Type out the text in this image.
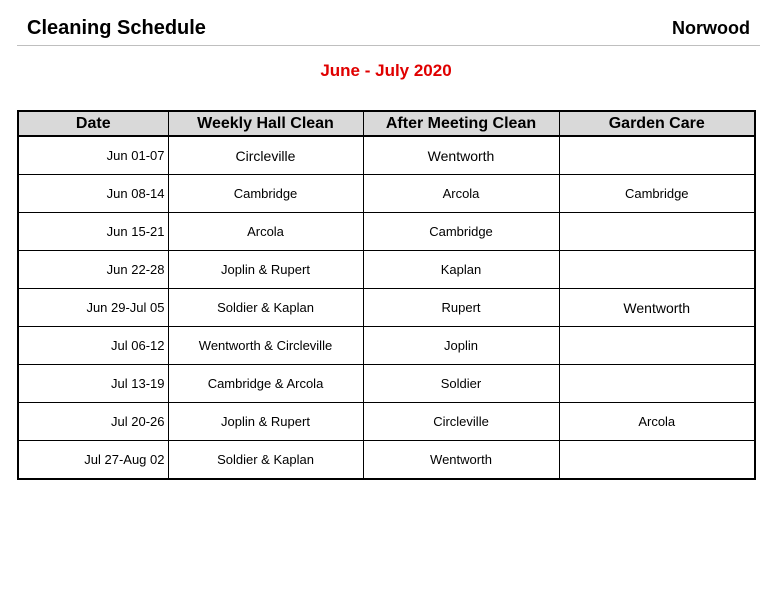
Cleaning Schedule	Norwood
June - July 2020
Date	Weekly Hall Clean	After Meeting Clean	Garden Care
Jun 01-07	Circleville	Wentworth	
Jun 08-14	Cambridge	Arcola	Cambridge
Jun 15-21	Arcola	Cambridge	
Jun 22-28	Joplin & Rupert	Kaplan	
Jun 29-Jul 05	Soldier & Kaplan	Rupert	Wentworth
Jul 06-12	Wentworth & Circleville	Joplin	
Jul 13-19	Cambridge & Arcola	Soldier	
Jul 20-26	Joplin & Rupert	Circleville	Arcola
Jul 27-Aug 02	Soldier & Kaplan	Wentworth	
